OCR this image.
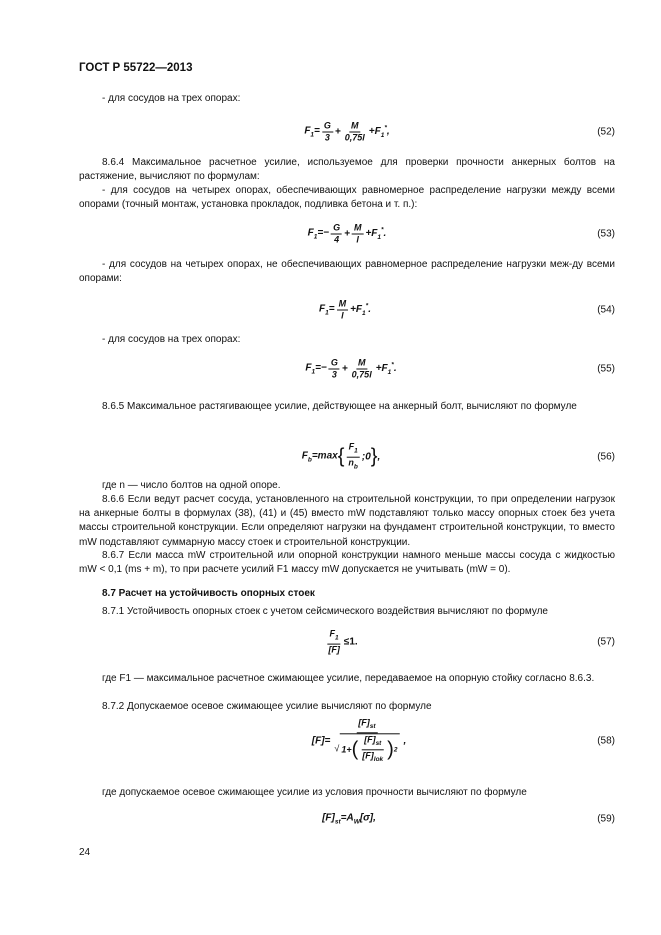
ГОСТ Р 55722—2013
- для сосудов на трех опорах:
$F_1= \frac{G}{3} + \frac{M}{0,75l} +F_1^*$,	(52)
8.6.4 Максимальное расчетное усилие, используемое для проверки прочности анкерных болтов на растяжение, вычисляют по формулам:
- для сосудов на четырех опорах, обеспечивающих равномерное распределение нагрузки между всеми опорами (точный монтаж, установка прокладок, подливка бетона и т. п.):
$F_1=- \frac{G}{4} + \frac{M}{l} +F_1^*$.	(53)
- для сосудов на четырех опорах, не обеспечивающих равномерное распределение нагрузки меж-ду всеми опорами:
$F_1= \frac{M}{l} +F_1^*$.	(54)
- для сосудов на трех опорах:
$F_1=- \frac{G}{3} + \frac{M}{0,75l} +F_1^*$.	(55)
8.6.5 Максимальное растягивающее усилие, действующее на анкерный болт, вычисляют по формуле
$F_b=\max$ { $F_1$
$n_b$
;0 } ,	(56)
где n — число болтов на одной опоре.
8.6.6 Если ведут расчет сосуда, установленного на строительной конструкции, то при определении нагрузок на анкерные болты в формулах (38), (41) и (45) вместо mW подставляют только массу опорных стоек без учета массы строительной конструкции. Если определяют нагрузки на фундамент строительной конструкции, то вместо mW подставляют суммарную массу стоек и строительной конструкции.
8.6.7 Если масса mW строительной или опорной конструкции намного меньше массы сосуда с жидкостью mW < 0,1 (ms + m), то при расчете усилий F1 массу mW допускается не учитывать (mW = 0).
8.7 Расчет на устойчивость опорных стоек
8.7.1 Устойчивость опорных стоек с учетом сейсмического воздействия вычисляют по формуле
$\frac{F_1}{[F]} \le 1$.	(57)
где F1 — максимальное расчетное сжимающее усилие, передаваемое на опорную стойку согласно 8.6.3.
8.7.2 Допускаемое осевое сжимающее усилие вычисляют по формуле
[F]=
$[F]_{st}$
√ 1+ ( $[F]_{st}$
$[F]_{lok}$ ) 2
,	(58)
где допускаемое осевое сжимающее усилие из условия прочности вычисляют по формуле
$[F]_{st}=A_W[\sigma]$,	(59)
24
